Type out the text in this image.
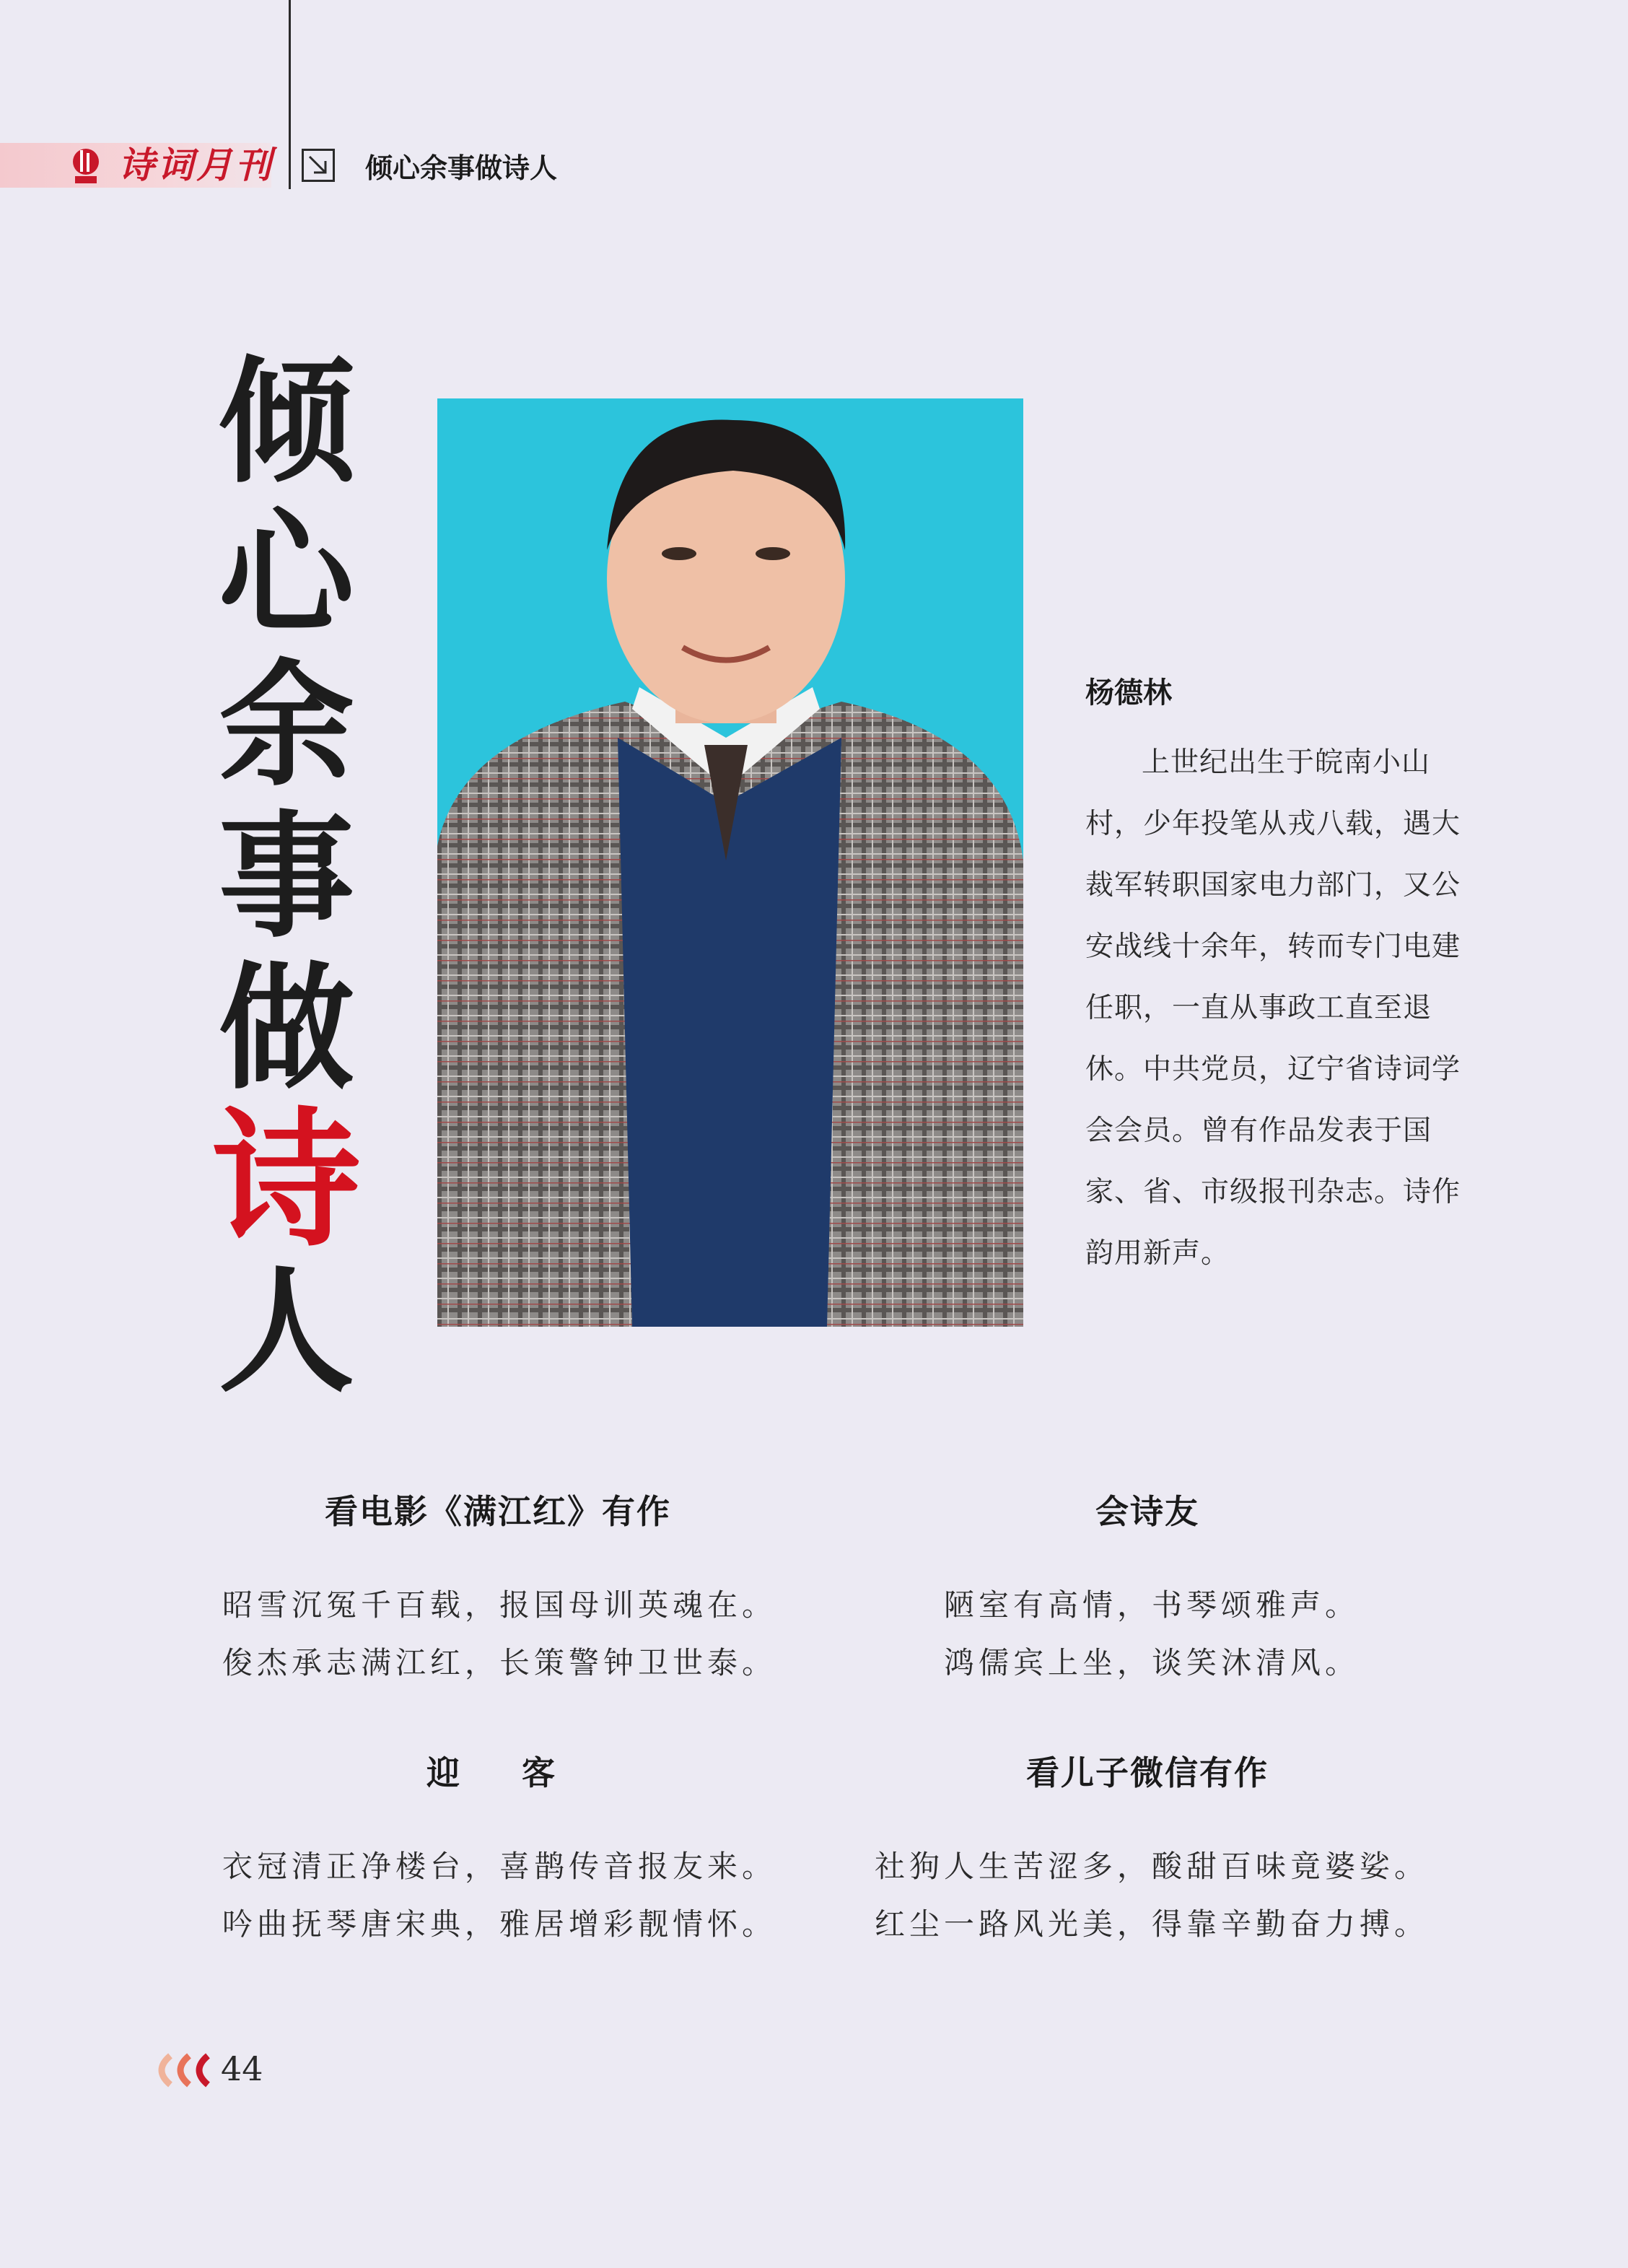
诗词月刊	倾心余事做诗人
倾
心
余
事
做
诗
人
杨德林
上世纪出生于皖南小山村，少年投笔从戎八载，遇大裁军转职国家电力部门，又公安战线十余年，转而专门电建任职，一直从事政工直至退休。中共党员，辽宁省诗词学会会员。曾有作品发表于国家、省、市级报刊杂志。诗作韵用新声。
看电影《满江红》有作
昭雪沉冤千百载，报国母训英魂在。
俊杰承志满江红，长策警钟卫世泰。
会诗友
陋室有高情，书琴颂雅声。
鸿儒宾上坐，谈笑沐清风。
迎　客
衣冠清正净楼台，喜鹊传音报友来。
吟曲抚琴唐宋典，雅居增彩靓情怀。
看儿子微信有作
社狗人生苦涩多，酸甜百味竟婆娑。
红尘一路风光美，得靠辛勤奋力搏。
44
